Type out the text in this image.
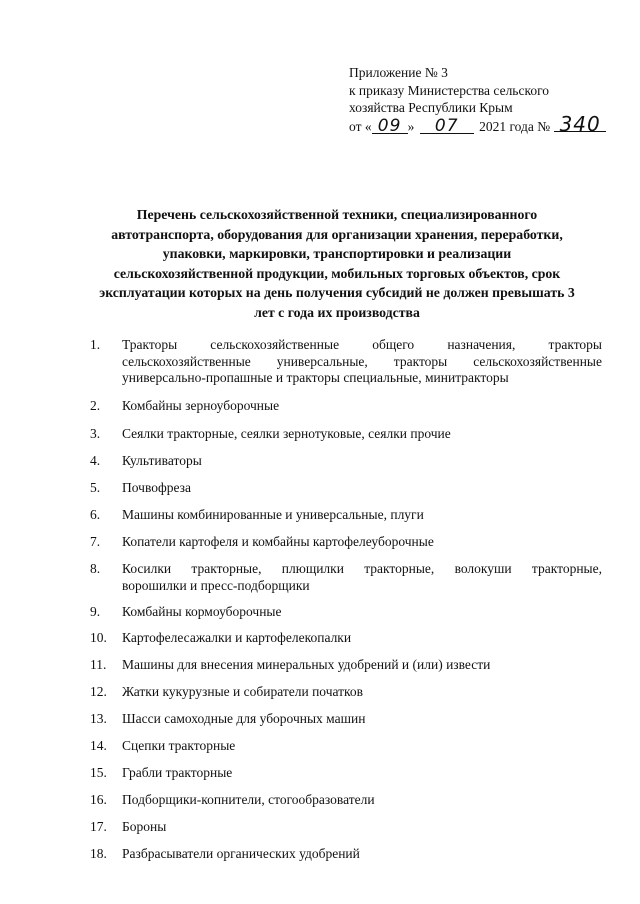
Приложение № 3
к приказу Министерства сельского
хозяйства Республики Крым
от « 09 » 07 2021 года № 340
Перечень сельскохозяйственной техники, специализированного
автотранспорта, оборудования для организации хранения, переработки,
упаковки, маркировки, транспортировки и реализации
сельскохозяйственной продукции, мобильных торговых объектов, срок
эксплуатации которых на день получения субсидий не должен превышать 3
лет с года их производства
1.	Тракторы сельскохозяйственные общего назначения, тракторы
сельскохозяйственные универсальные, тракторы сельскохозяйственные
универсально-пропашные и тракторы специальные, минитракторы
2.	Комбайны зерноуборочные
3.	Сеялки тракторные, сеялки зернотуковые, сеялки прочие
4.	Культиваторы
5.	Почвофреза
6.	Машины комбинированные и универсальные, плуги
7.	Копатели картофеля и комбайны картофелеуборочные
8.	Косилки тракторные, плющилки тракторные, волокуши тракторные,
ворошилки и пресс-подборщики
9.	Комбайны кормоуборочные
10.	Картофелесажалки и картофелекопалки
11.	Машины для внесения минеральных удобрений и (или) извести
12.	Жатки кукурузные и собиратели початков
13.	Шасси самоходные для уборочных машин
14.	Сцепки тракторные
15.	Грабли тракторные
16.	Подборщики-копнители, стогообразователи
17.	Бороны
18.	Разбрасыватели органических удобрений
